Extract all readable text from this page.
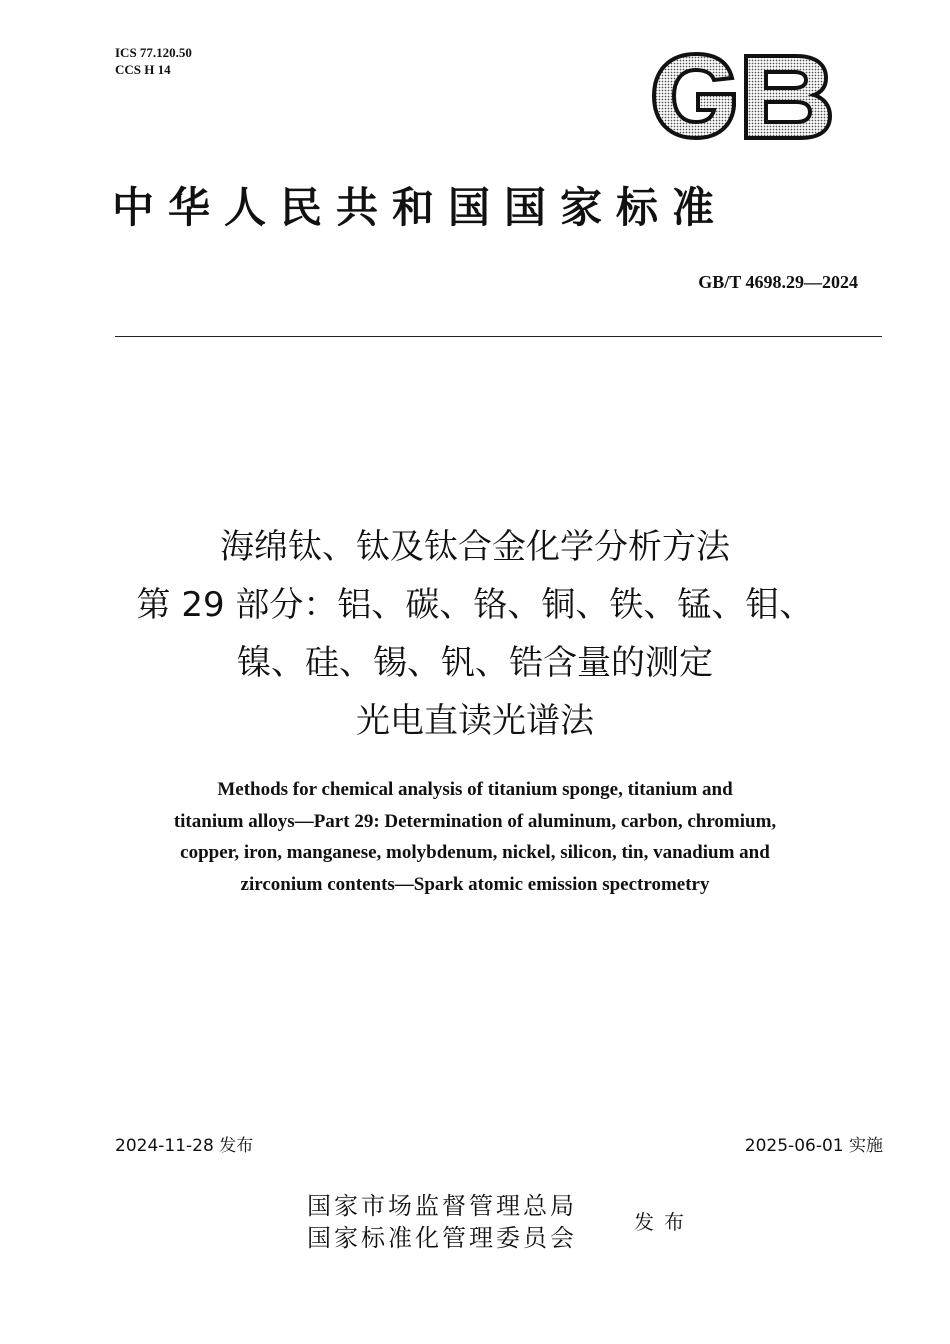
ICS 77.120.50
CCS H 14
中华人民共和国国家标准
GB/T 4698.29—2024
海绵钛、钛及钛合金化学分析方法
第 29 部分：铝、碳、铬、铜、铁、锰、钼、
镍、硅、锡、钒、锆含量的测定
光电直读光谱法
Methods for chemical analysis of titanium sponge, titanium and
titanium alloys—Part 29: Determination of aluminum, carbon, chromium,
copper, iron, manganese, molybdenum, nickel, silicon, tin, vanadium and
zirconium contents—Spark atomic emission spectrometry
2024-11-28 发布	2025-06-01 实施
国家市场监督管理总局
国家标准化管理委员会
发布
